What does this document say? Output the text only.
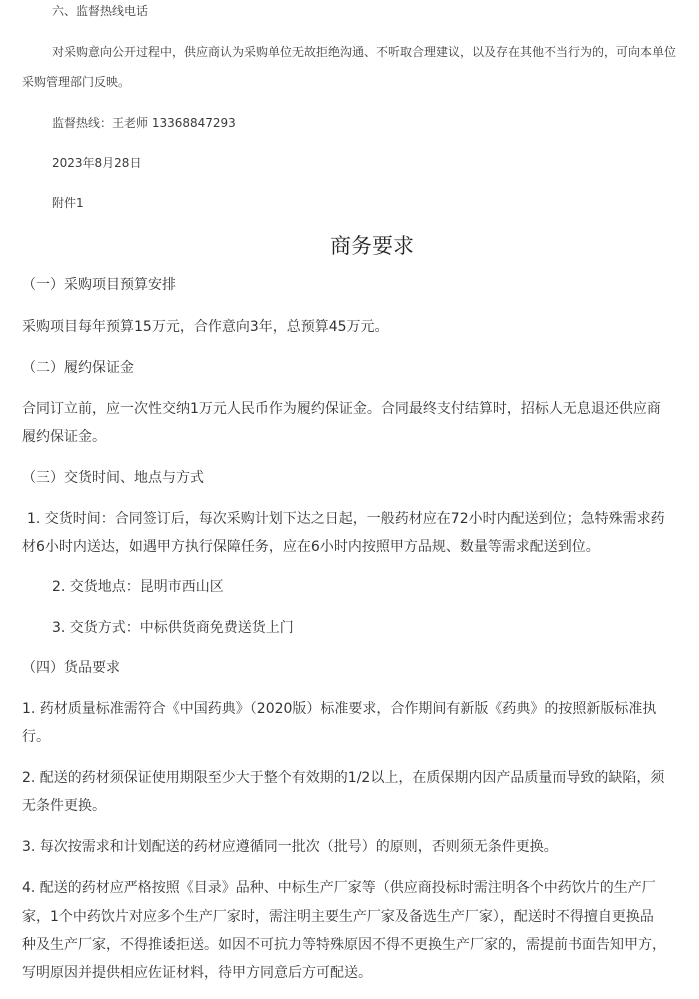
六、监督热线电话

对采购意向公开过程中，供应商认为采购单位无故拒绝沟通、不听取合理建议，以及存在其他不当行为的，可向本单位

采购管理部门反映。

监督热线：王老师 13368847293

2023年8月28日

附件1

商务要求

（一）采购项目预算安排

采购项目每年预算15万元，合作意向3年，总预算45万元。

（二）履约保证金

合同订立前，应一次性交纳1万元人民币作为履约保证金。合同最终支付结算时，招标人无息退还供应商

履约保证金。

（三）交货时间、地点与方式

1. 交货时间：合同签订后，每次采购计划下达之日起，一般药材应在72小时内配送到位；急特殊需求药

材6小时内送达，如遇甲方执行保障任务，应在6小时内按照甲方品规、数量等需求配送到位。

2. 交货地点：昆明市西山区

3. 交货方式：中标供货商免费送货上门

（四）货品要求

1. 药材质量标准需符合《中国药典》（2020版）标准要求，合作期间有新版《药典》的按照新版标准执

行。

2. 配送的药材须保证使用期限至少大于整个有效期的1/2以上，在质保期内因产品质量而导致的缺陷，须

无条件更换。

3. 每次按需求和计划配送的药材应遵循同一批次（批号）的原则，否则须无条件更换。

4. 配送的药材应严格按照《目录》品种、中标生产厂家等（供应商投标时需注明各个中药饮片的生产厂

家，1个中药饮片对应多个生产厂家时，需注明主要生产厂家及备选生产厂家），配送时不得擅自更换品

种及生产厂家，不得推诿拒送。如因不可抗力等特殊原因不得不更换生产厂家的，需提前书面告知甲方，

写明原因并提供相应佐证材料，待甲方同意后方可配送。
